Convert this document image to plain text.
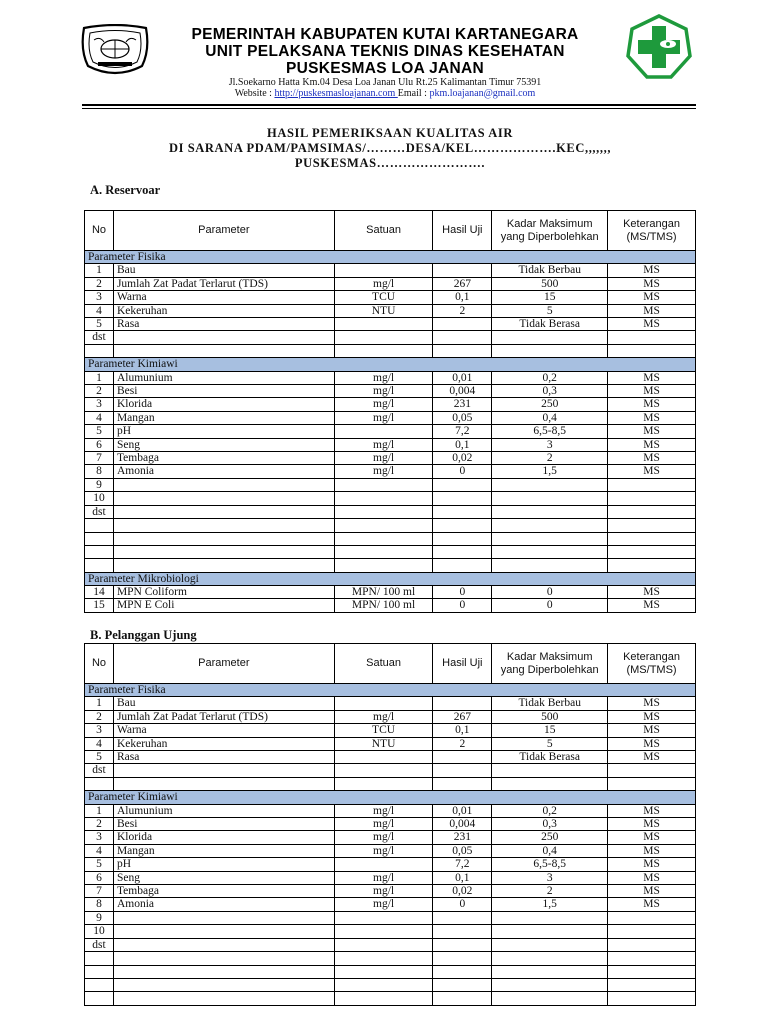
PEMERINTAH KABUPATEN KUTAI KARTANEGARA
UNIT PELAKSANA TEKNIS DINAS KESEHATAN
PUSKESMAS LOA JANAN
Jl.Soekarno Hatta Km.04 Desa Loa Janan Ulu Rt.25 Kalimantan Timur 75391
Website : http://puskesmasloajanan.com Email : pkm.loajanan@gmail.com
HASIL PEMERIKSAAN KUALITAS AIR
DI SARANA PDAM/PAMSIMAS/………DESA/KEL……………….KEC,,,,,,,
PUSKESMAS…………………….
A. Reservoar
No	Parameter	Satuan	Hasil Uji	Kadar Maksimum yang Diperbolehkan	Keterangan (MS/TMS)
Parameter Fisika					
1	Bau			Tidak Berbau	MS
2	Jumlah Zat Padat Terlarut (TDS)	mg/l	267	500	MS
3	Warna	TCU	0,1	15	MS
4	Kekeruhan	NTU	2	5	MS
5	Rasa			Tidak Berasa	MS
dst					

Parameter Kimiawi					
1	Alumunium	mg/l	0,01	0,2	MS
2	Besi	mg/l	0,004	0,3	MS
3	Klorida	mg/l	231	250	MS
4	Mangan	mg/l	0,05	0,4	MS
5	pH		7,2	6,5-8,5	MS
6	Seng	mg/l	0,1	3	MS
7	Tembaga	mg/l	0,02	2	MS
8	Amonia	mg/l	0	1,5	MS
9					
10					
dst					

Parameter Mikrobiologi					
14	MPN Coliform	MPN/ 100 ml	0	0	MS
15	MPN E Coli	MPN/ 100 ml	0	0	MS
B. Pelanggan Ujung
No	Parameter	Satuan	Hasil Uji	Kadar Maksimum yang Diperbolehkan	Keterangan (MS/TMS)
Parameter Fisika					
1	Bau			Tidak Berbau	MS
2	Jumlah Zat Padat Terlarut (TDS)	mg/l	267	500	MS
3	Warna	TCU	0,1	15	MS
4	Kekeruhan	NTU	2	5	MS
5	Rasa			Tidak Berasa	MS
dst					

Parameter Kimiawi					
1	Alumunium	mg/l	0,01	0,2	MS
2	Besi	mg/l	0,004	0,3	MS
3	Klorida	mg/l	231	250	MS
4	Mangan	mg/l	0,05	0,4	MS
5	pH		7,2	6,5-8,5	MS
6	Seng	mg/l	0,1	3	MS
7	Tembaga	mg/l	0,02	2	MS
8	Amonia	mg/l	0	1,5	MS
9					
10					
dst					
